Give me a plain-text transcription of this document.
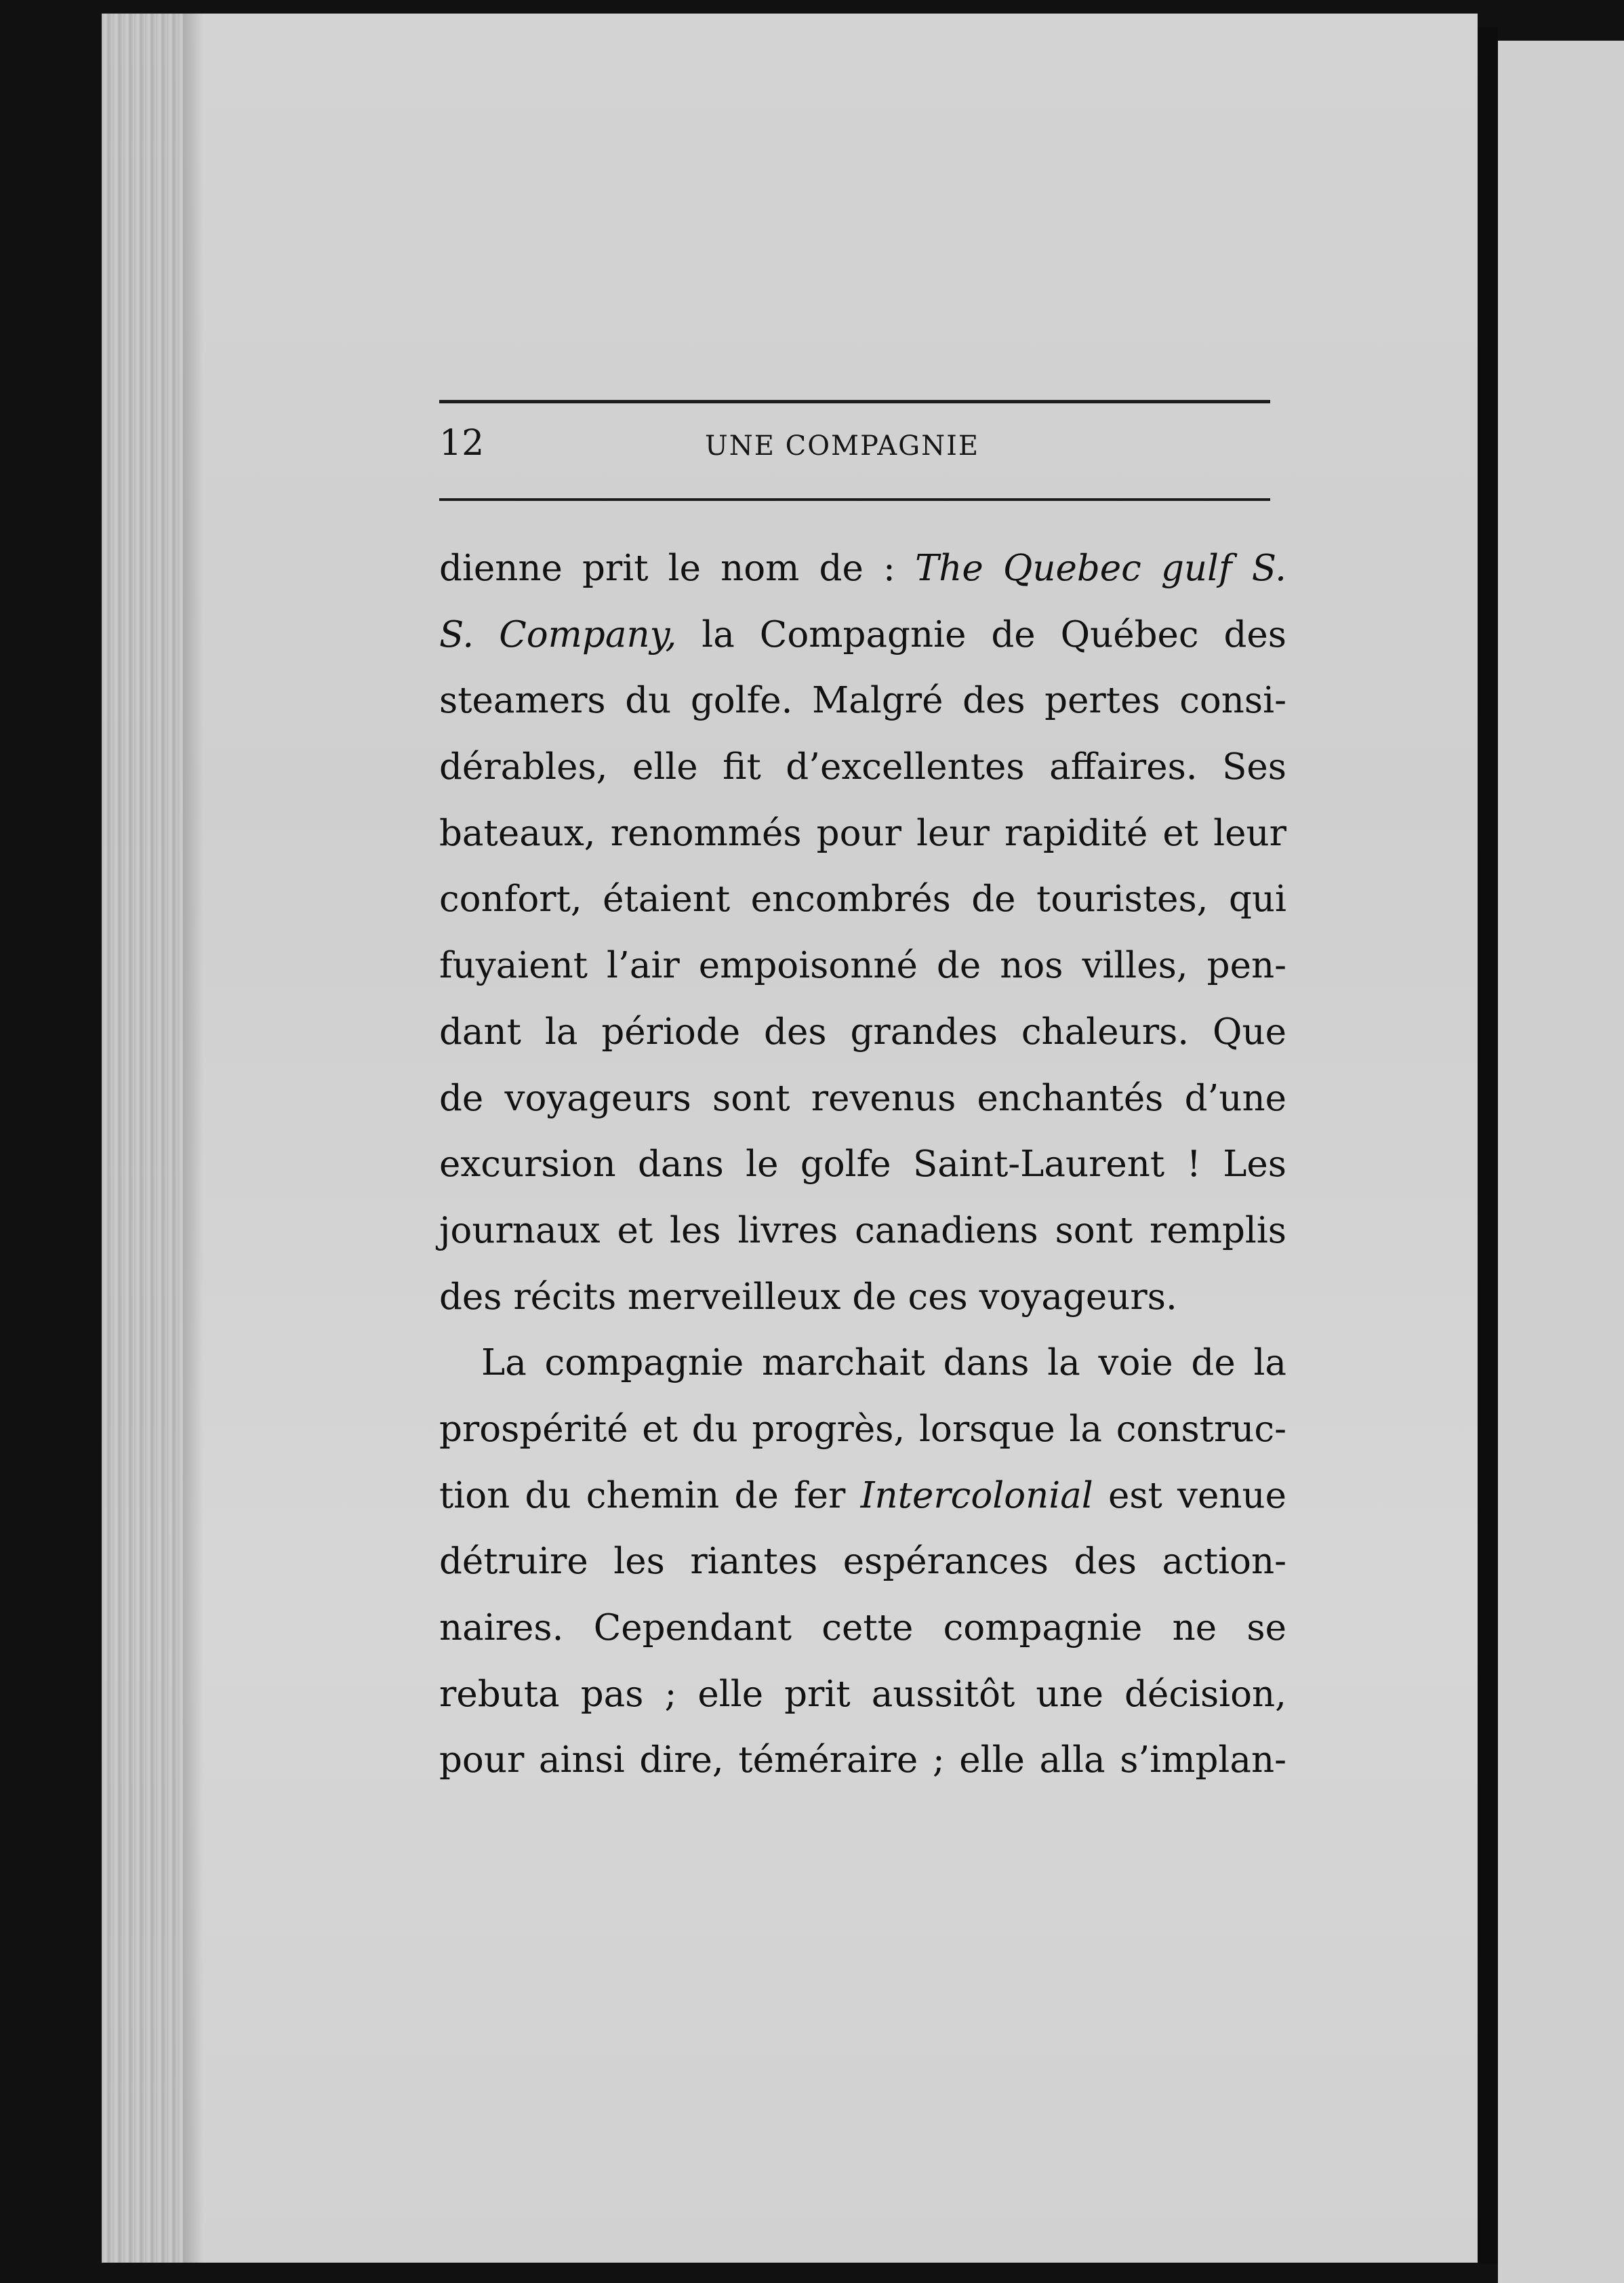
12	UNE COMPAGNIE
dienne prit le nom de : The Quebec gulf S.
S. Company, la Compagnie de Québec des
steamers du golfe. Malgré des pertes consi-
dérables, elle fit d’excellentes affaires. Ses
bateaux, renommés pour leur rapidité et leur
confort, étaient encombrés de touristes, qui
fuyaient l’air empoisonné de nos villes, pen-
dant la période des grandes chaleurs. Que
de voyageurs sont revenus enchantés d’une
excursion dans le golfe Saint-Laurent ! Les
journaux et les livres canadiens sont remplis
des récits merveilleux de ces voyageurs.
La compagnie marchait dans la voie de la
prospérité et du progrès, lorsque la construc-
tion du chemin de fer Intercolonial est venue
détruire les riantes espérances des action-
naires. Cependant cette compagnie ne se
rebuta pas ; elle prit aussitôt une décision,
pour ainsi dire, téméraire ; elle alla s’implan-
